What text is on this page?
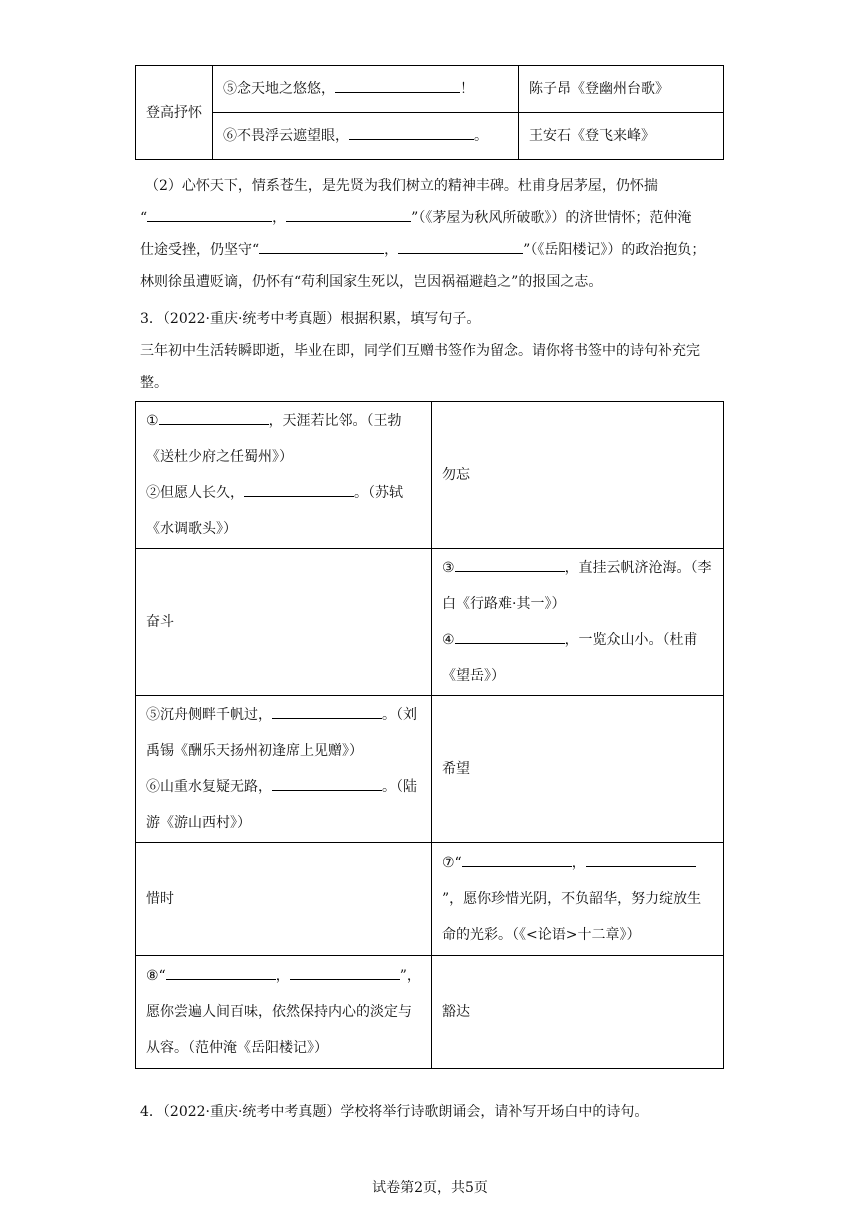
登高抒怀	⑤念天地之悠悠， ！	陈子昂《登幽州台歌》
	⑥不畏浮云遮望眼， 。	王安石《登飞来峰》
（2）心怀天下，情系苍生，是先贤为我们树立的精神丰碑。杜甫身居茅屋，仍怀揣
“	，	”（《茅屋为秋风所破歌》）的济世情怀；范仲淹
仕途受挫，仍坚守“	，	”（《岳阳楼记》）的政治抱负；
林则徐虽遭贬谪，仍怀有“苟利国家生死以，岂因祸福避趋之”的报国之志。
3．（2022·重庆·统考中考真题）根据积累，填写句子。
三年初中生活转瞬即逝，毕业在即，同学们互赠书签作为留念。请你将书签中的诗句补充完整。
① ，天涯若比邻。（王勃《送杜少府之任蜀州》）
②但愿人长久， 。（苏轼《水调歌头》）	勿忘
奋斗	③ ，直挂云帆济沧海。（李白《行路难·其一》）
④ ，一览众山小。（杜甫《望岳》）
⑤沉舟侧畔千帆过， 。（刘禹锡《酬乐天扬州初逢席上见赠》）
⑥山重水复疑无路， 。（陆游《游山西村》）	希望
惜时	⑦“ ，”，愿你珍惜光阴，不负韶华，努力绽放生命的光彩。（《<论语>十二章》）
⑧“ ， ”，愿你尝遍人间百味，依然保持内心的淡定与从容。（范仲淹《岳阳楼记》）	豁达
4．（2022·重庆·统考中考真题）学校将举行诗歌朗诵会，请补写开场白中的诗句。
试卷第2页，共5页
